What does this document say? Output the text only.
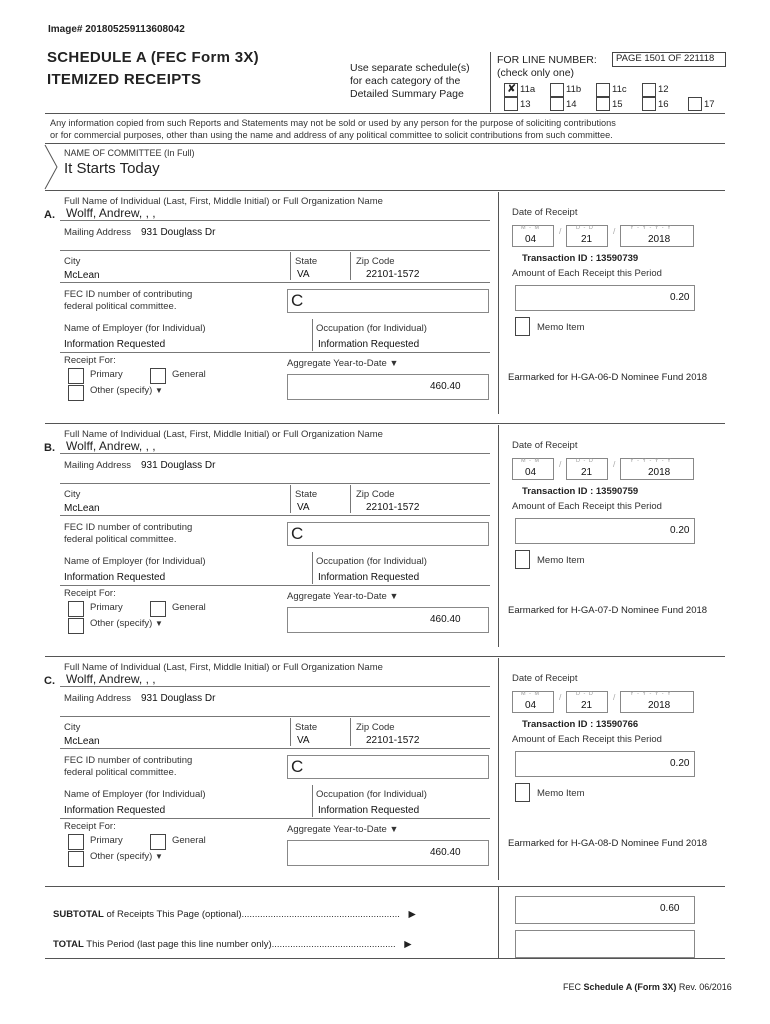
Image# 201805259113608042
SCHEDULE A (FEC Form 3X)
ITEMIZED RECEIPTS
Use separate schedule(s)
for each category of the
Detailed Summary Page
FOR LINE NUMBER:
(check only one)
PAGE 1501 OF 221118
✘ 11a	11b	11c	12
13	14	15	16	17
Any information copied from such Reports and Statements may not be sold or used by any person for the purpose of soliciting contributions
or for commercial purposes, other than using the name and address of any political committee to solicit contributions from such committee.
NAME OF COMMITTEE (In Full)
It Starts Today
Full Name of Individual (Last, First, Middle Initial) or Full Organization Name
A. Wolff, Andrew, , ,
Mailing Address 931 Douglass Dr
City
McLean
State
VA
Zip Code
22101-1572
FEC ID number of contributing
federal political committee.	C
Name of Employer (for Individual)
Information Requested
Occupation (for Individual)
Information Requested
Receipt For:
Primary	General
Other (specify) ▼
Aggregate Year-to-Date ▼
460.40
Date of Receipt
M - M
04
/	D - D
21
/	Y - Y - Y - Y
2018
Transaction ID : 13590739
Amount of Each Receipt this Period
0.20
Memo Item
Earmarked for H-GA-06-D Nominee Fund 2018
Full Name of Individual (Last, First, Middle Initial) or Full Organization Name
B. Wolff, Andrew, , ,
Mailing Address 931 Douglass Dr
City
McLean
State
VA
Zip Code
22101-1572
FEC ID number of contributing
federal political committee.	C
Name of Employer (for Individual)
Information Requested
Occupation (for Individual)
Information Requested
Receipt For:
Primary	General
Other (specify) ▼
Aggregate Year-to-Date ▼
460.40
Date of Receipt
M - M
04
/	D - D
21
/	Y - Y - Y - Y
2018
Transaction ID : 13590759
Amount of Each Receipt this Period
0.20
Memo Item
Earmarked for H-GA-07-D Nominee Fund 2018
Full Name of Individual (Last, First, Middle Initial) or Full Organization Name
C. Wolff, Andrew, , ,
Mailing Address 931 Douglass Dr
City
McLean
State
VA
Zip Code
22101-1572
FEC ID number of contributing
federal political committee.	C
Name of Employer (for Individual)
Information Requested
Occupation (for Individual)
Information Requested
Receipt For:
Primary	General
Other (specify) ▼
Aggregate Year-to-Date ▼
460.40
Date of Receipt
M - M
04
/	D - D
21
/	Y - Y - Y - Y
2018
Transaction ID : 13590766
Amount of Each Receipt this Period
0.20
Memo Item
Earmarked for H-GA-08-D Nominee Fund 2018
SUBTOTAL of Receipts This Page (optional)............................................................ ▶
0.60
TOTAL This Period (last page this line number only)............................................... ▶
FEC Schedule A (Form 3X) Rev. 06/2016
